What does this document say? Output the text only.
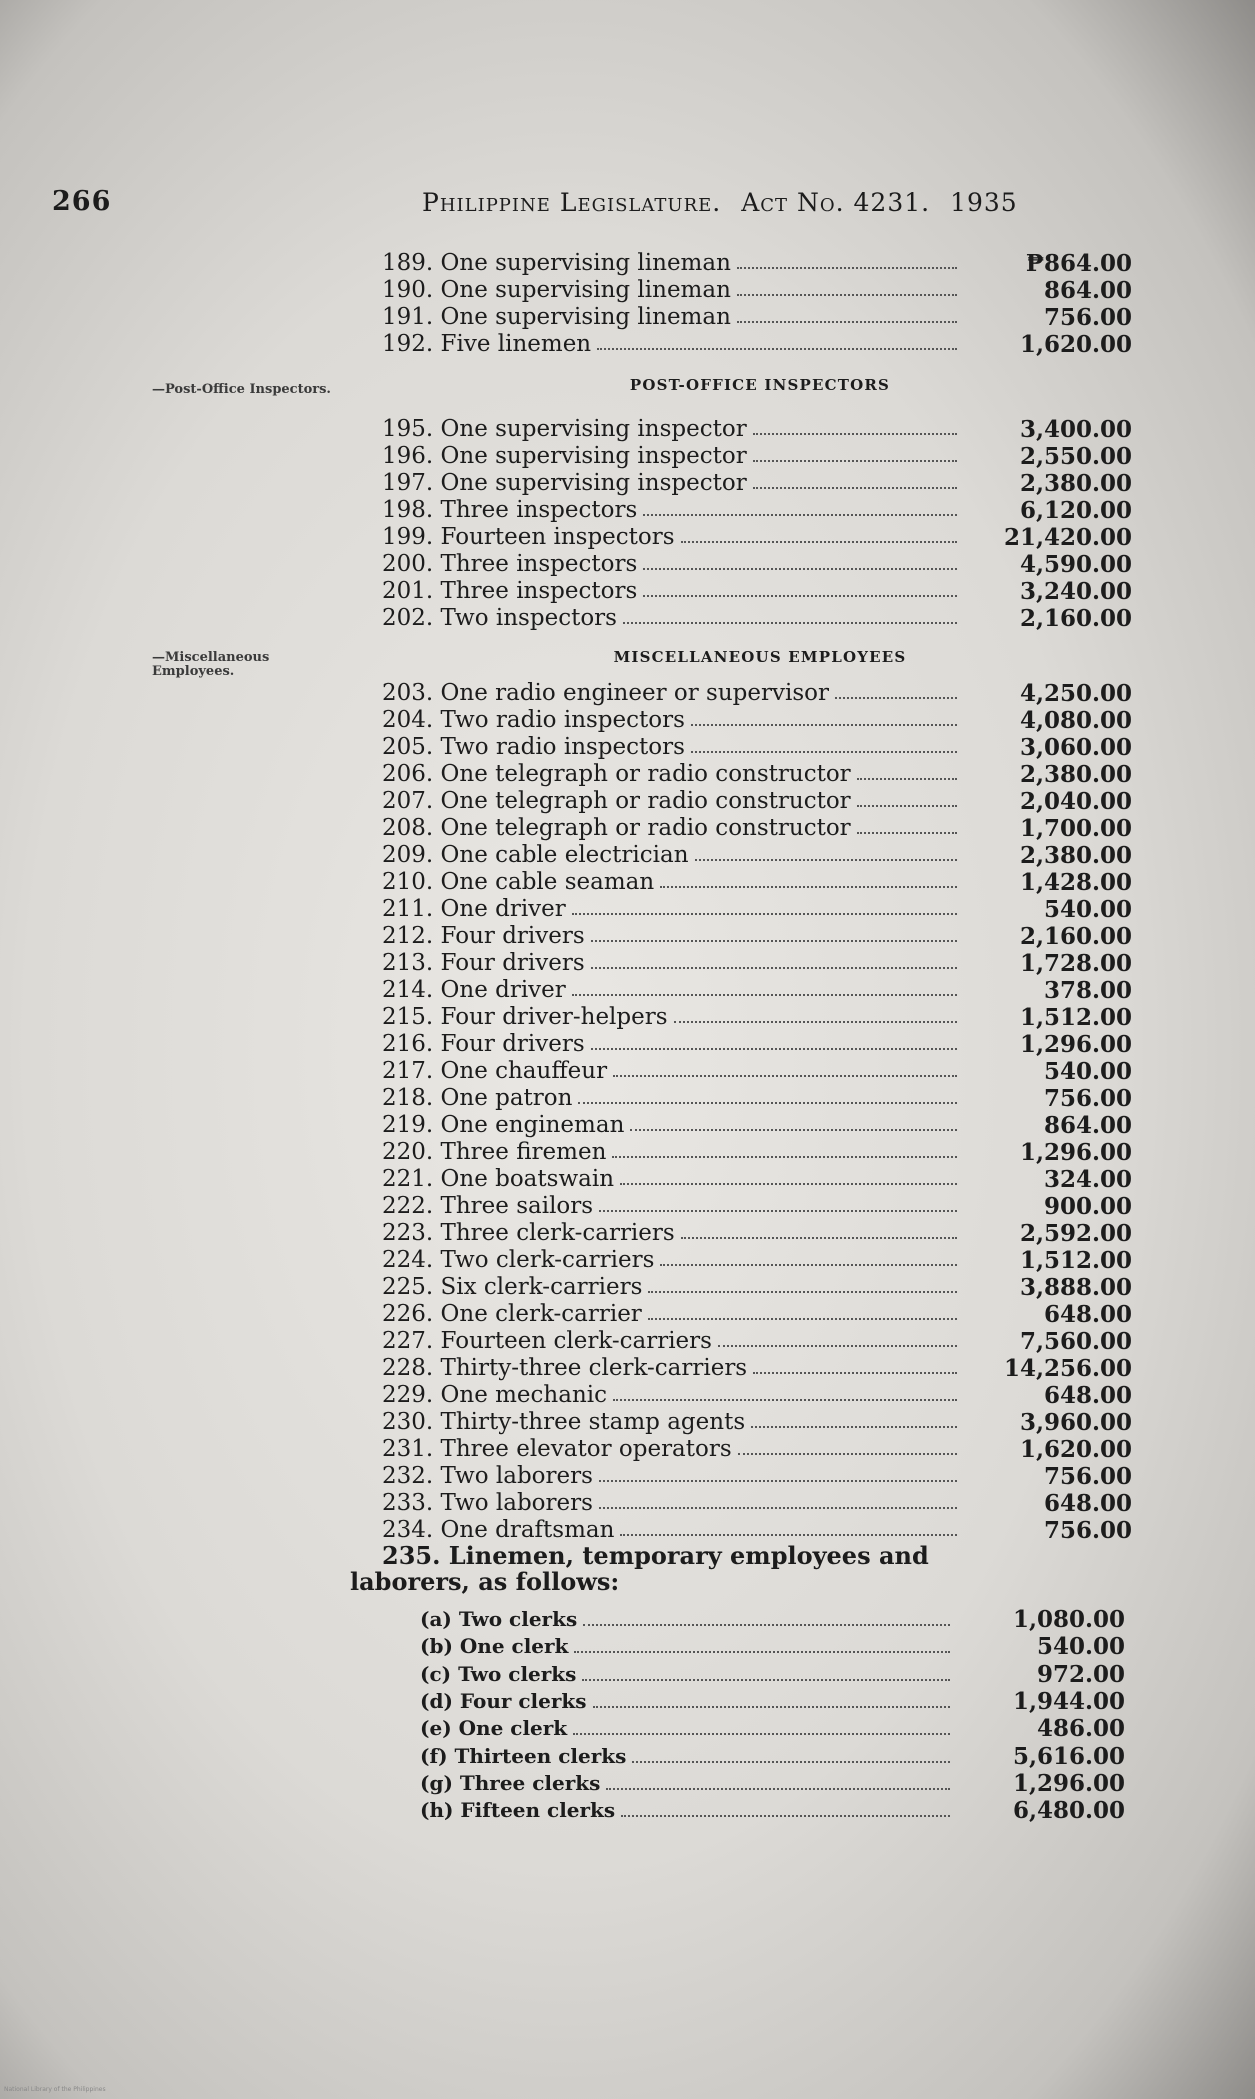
266	Philippine Legislature. Act No. 4231. 1935
189. One supervising lineman	₱864.00
190. One supervising lineman	864.00
191. One supervising lineman	756.00
192. Five linemen	1,620.00
—Post-Office Inspectors.	POST-OFFICE INSPECTORS
195. One supervising inspector	3,400.00
196. One supervising inspector	2,550.00
197. One supervising inspector	2,380.00
198. Three inspectors	6,120.00
199. Fourteen inspectors	21,420.00
200. Three inspectors	4,590.00
201. Three inspectors	3,240.00
202. Two inspectors	2,160.00
—Miscellaneous Employees.
MISCELLANEOUS EMPLOYEES
203. One radio engineer or supervisor	4,250.00
204. Two radio inspectors	4,080.00
205. Two radio inspectors	3,060.00
206. One telegraph or radio constructor	2,380.00
207. One telegraph or radio constructor	2,040.00
208. One telegraph or radio constructor	1,700.00
209. One cable electrician	2,380.00
210. One cable seaman	1,428.00
211. One driver	540.00
212. Four drivers	2,160.00
213. Four drivers	1,728.00
214. One driver	378.00
215. Four driver-helpers	1,512.00
216. Four drivers	1,296.00
217. One chauffeur	540.00
218. One patron	756.00
219. One engineman	864.00
220. Three firemen	1,296.00
221. One boatswain	324.00
222. Three sailors	900.00
223. Three clerk-carriers	2,592.00
224. Two clerk-carriers	1,512.00
225. Six clerk-carriers	3,888.00
226. One clerk-carrier	648.00
227. Fourteen clerk-carriers	7,560.00
228. Thirty-three clerk-carriers	14,256.00
229. One mechanic	648.00
230. Thirty-three stamp agents	3,960.00
231. Three elevator operators	1,620.00
232. Two laborers	756.00
233. Two laborers	648.00
234. One draftsman	756.00
235. Linemen, temporary employees and
laborers, as follows:
(a) Two clerks	1,080.00
(b) One clerk	540.00
(c) Two clerks	972.00
(d) Four clerks	1,944.00
(e) One clerk	486.00
(f) Thirteen clerks	5,616.00
(g) Three clerks	1,296.00
(h) Fifteen clerks	6,480.00
National Library of the Philippines
